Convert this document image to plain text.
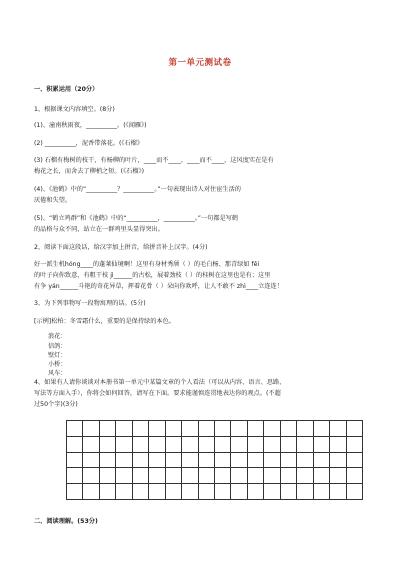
第一单元测试卷
一、积累运用（20分）
1、根据课文内容填空。(8分)
(1)、潼南秋雨夜，__________。(《闻雁》)
(2) __________，泥香带落花。(《石榴》
(3) 石榴有梅树的枝干，有杨柳的叶片，____而不____，____而不____，这风度实在是有
梅花之长，而舍去了柳梢之短。(《石榴》)
(4)、《池鹤》中的“__________？__________。”一句表现出诗人对住宦生活的
厌倦和失望。
(5)、“鹤立鸡群”和《池鹤》中的“__________，__________。”一句都是写鹤
的品格与众不同，站立在一群鸡里头显得突出。
2、阅读下面这段话，给汉字加上拼音，给拼音补上汉字。(4分)
好一派生机hóng____的蓬莱仙境啊！这里有身材秀颀（ ）的毛白杨、那青绿如 fěi
的叶子向你致意，有粗干枝 jì______的古松，展着劲枝（ ）的桂树在这里也是有；这里
有争 yán______斗艳的奇花异草，挥着花骨（ ）朵向你欢呼，让人不敢不 zhì____立连连！
3、为下列事物写一段物寓理的话。(5分)
[示例]松柏：冬雪霜什么，重要的是保持绿的本色。
浪花：
信鸽：
壁灯：
小桥：
风车：
二、阅读理解。(53分)
4、如果有人请你谈谈对本册书第一单元中某篇文章的个人看法（可以从内容、语言、思路、
写法等方面入手），你将会如何回答，请写在下面。要求能谨慎连贯地表达你的观点。(不超
过50个字)(3分)
